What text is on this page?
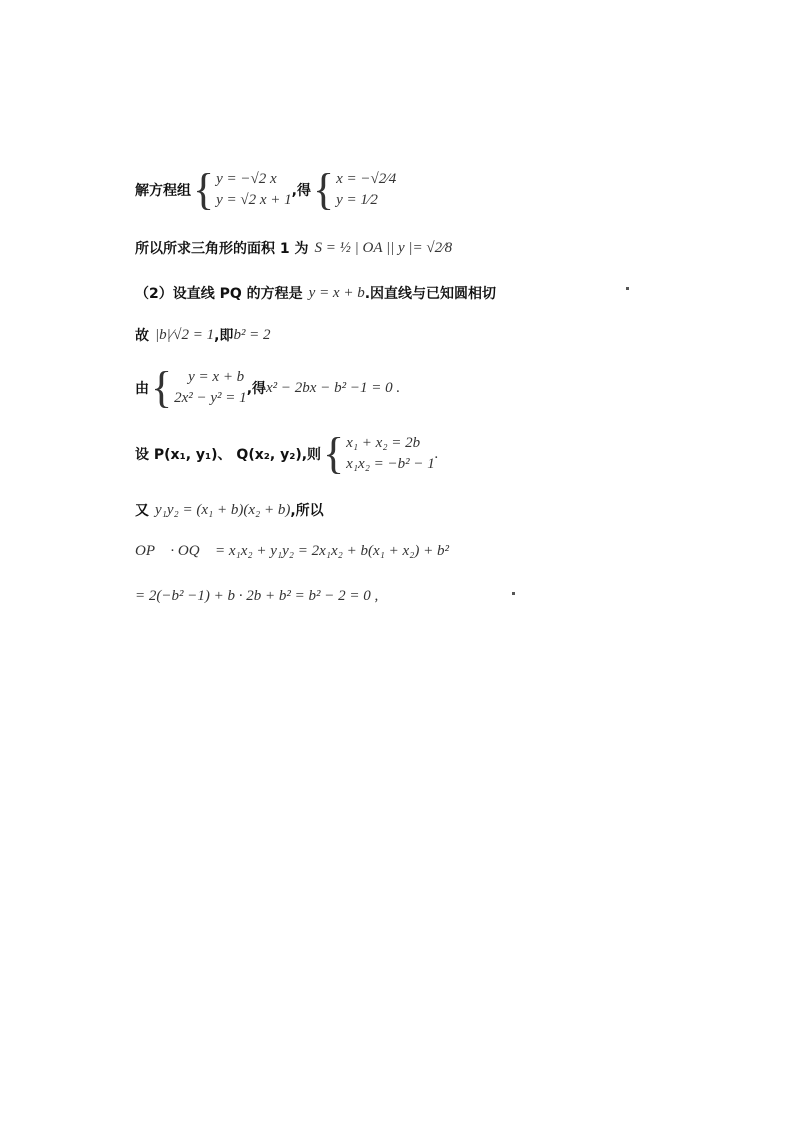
解方程组 { y = −√2 x
y = √2 x + 1
,得 { x = −√2⁄4
y = 1⁄2
所以所求三角形的面积 1 为 S = ½ | OA || y |= √2⁄8
（2）设直线 PQ 的方程是 y = x + b .因直线与已知圆相切
故 |b|⁄√2 = 1 ,即 b² = 2
由 {	y = x + b
2x² − y² = 1
,得 x² − 2bx − b² −1 = 0 .
设 P(x₁, y₁)、 Q(x₂, y₂),则 { x₁ + x₂ = 2b
x₁x₂ = −b² − 1
.
又 y₁y₂ = (x₁ + b)(x₂ + b) ,所以
OP⃗ · OQ⃗ = x₁x₂ + y₁y₂ = 2x₁x₂ + b(x₁ + x₂) + b²
= 2(−b² −1) + b · 2b + b² = b² − 2 = 0 ,
